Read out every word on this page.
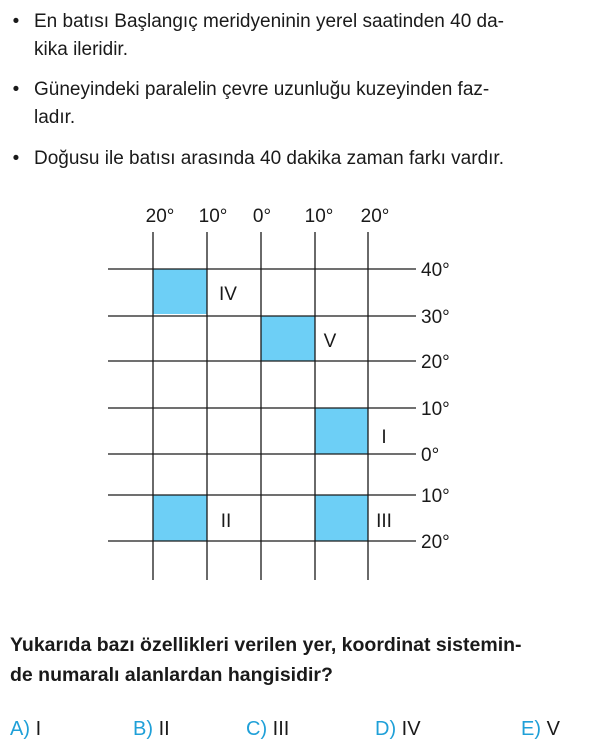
• En batısı Başlangıç meridyeninin yerel saatinden 40 da-
kika ileridir.
• Güneyindeki paralelin çevre uzunluğu kuzeyinden faz-
ladır.
• Doğusu ile batısı arasında 40 dakika zaman farkı vardır.
20° 10° 0° 10° 20°
40°
30°
20°
10°
0°
10°
20°
IV
V
I
II	III
Yukarıda bazı özellikleri verilen yer, koordinat sistemin-
de numaralı alanlardan hangisidir?
A) I	B) II	C) III	D) IV	E) V
